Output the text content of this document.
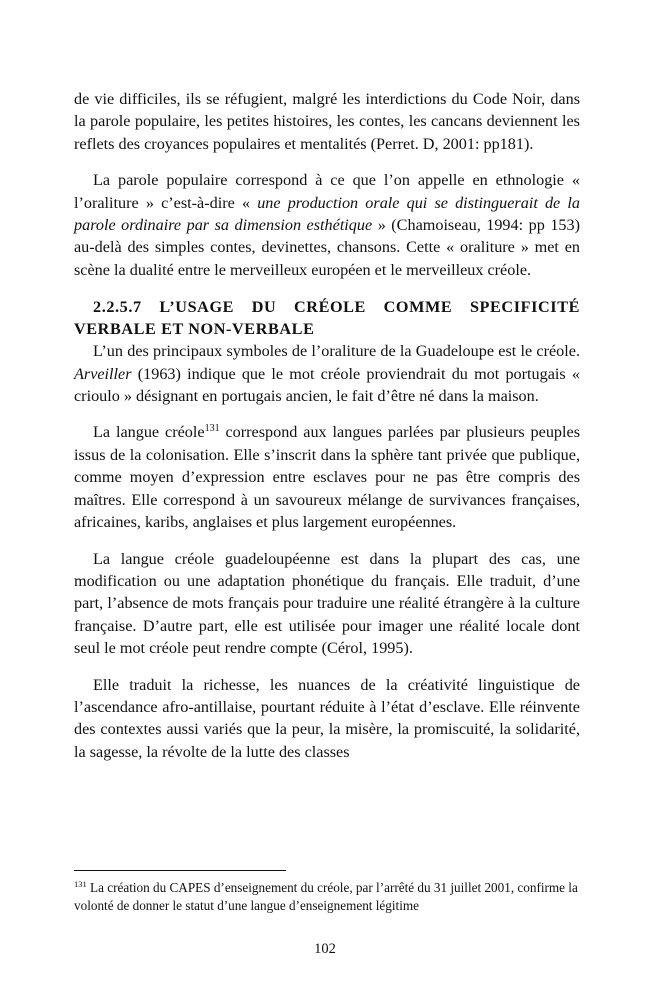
de vie difficiles, ils se réfugient, malgré les interdictions du Code Noir, dans la parole populaire, les petites histoires, les contes, les cancans deviennent les reflets des croyances populaires et mentalités (Perret. D, 2001: pp181).

La parole populaire correspond à ce que l’on appelle en ethnologie « l’oraliture » c’est-à-dire « une production orale qui se distinguerait de la parole ordinaire par sa dimension esthétique » (Chamoiseau, 1994: pp 153) au-delà des simples contes, devinettes, chansons. Cette « oraliture » met en scène la dualité entre le merveilleux européen et le merveilleux créole.

2.2.5.7 L’USAGE DU CRÉOLE COMME SPECIFICITÉ VERBALE ET NON-VERBALE

L’un des principaux symboles de l’oraliture de la Guadeloupe est le créole. Arveiller (1963) indique que le mot créole proviendrait du mot portugais « crioulo » désignant en portugais ancien, le fait d’être né dans la maison.

La langue créole$^{131}$ correspond aux langues parlées par plusieurs peuples issus de la colonisation. Elle s’inscrit dans la sphère tant privée que publique, comme moyen d’expression entre esclaves pour ne pas être compris des maîtres. Elle correspond à un savoureux mélange de survivances françaises, africaines, karibs, anglaises et plus largement européennes.

La langue créole guadeloupéenne est dans la plupart des cas, une modification ou une adaptation phonétique du français. Elle traduit, d’une part, l’absence de mots français pour traduire une réalité étrangère à la culture française. D’autre part, elle est utilisée pour imager une réalité locale dont seul le mot créole peut rendre compte (Cérol, 1995).

Elle traduit la richesse, les nuances de la créativité linguistique de l’ascendance afro-antillaise, pourtant réduite à l’état d’esclave. Elle réinvente des contextes aussi variés que la peur, la misère, la promiscuité, la solidarité, la sagesse, la révolte de la lutte des classes

$^{131}$ La création du CAPES d’enseignement du créole, par l’arrêté du 31 juillet 2001, confirme la volonté de donner le statut d’une langue d’enseignement légitime

102
